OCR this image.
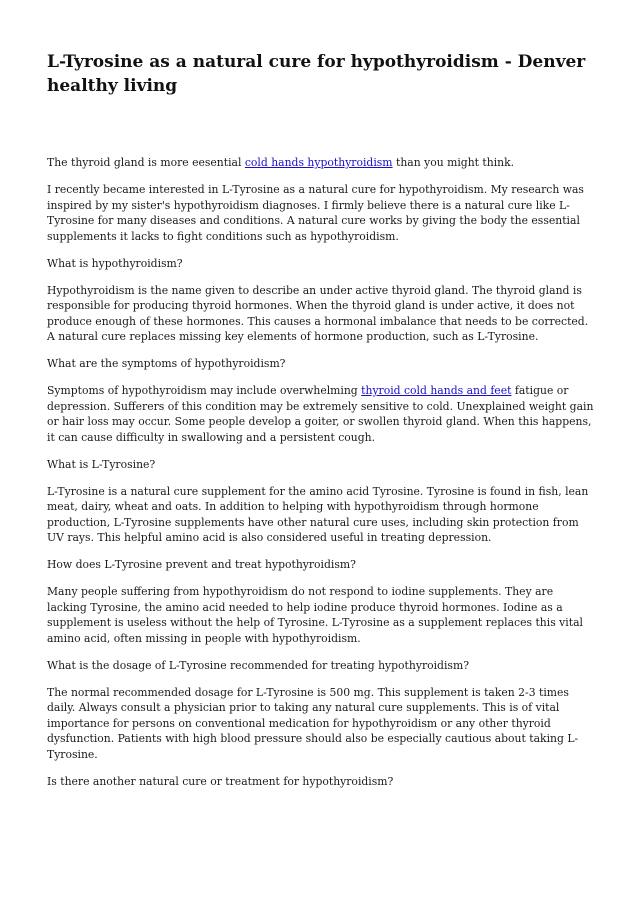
L-Tyrosine as a natural cure for hypothyroidism - Denver healthy living

The thyroid gland is more eesential cold hands hypothyroidism than you might think.

I recently became interested in L-Tyrosine as a natural cure for hypothyroidism. My research was inspired by my sister's hypothyroidism diagnoses. I firmly believe there is a natural cure like L-Tyrosine for many diseases and conditions. A natural cure works by giving the body the essential supplements it lacks to fight conditions such as hypothyroidism.

What is hypothyroidism?

Hypothyroidism is the name given to describe an under active thyroid gland. The thyroid gland is responsible for producing thyroid hormones. When the thyroid gland is under active, it does not produce enough of these hormones. This causes a hormonal imbalance that needs to be corrected. A natural cure replaces missing key elements of hormone production, such as L-Tyrosine.

What are the symptoms of hypothyroidism?

Symptoms of hypothyroidism may include overwhelming thyroid cold hands and feet fatigue or depression. Sufferers of this condition may be extremely sensitive to cold. Unexplained weight gain or hair loss may occur. Some people develop a goiter, or swollen thyroid gland. When this happens, it can cause difficulty in swallowing and a persistent cough.

What is L-Tyrosine?

L-Tyrosine is a natural cure supplement for the amino acid Tyrosine. Tyrosine is found in fish, lean meat, dairy, wheat and oats. In addition to helping with hypothyroidism through hormone production, L-Tyrosine supplements have other natural cure uses, including skin protection from UV rays. This helpful amino acid is also considered useful in treating depression.

How does L-Tyrosine prevent and treat hypothyroidism?

Many people suffering from hypothyroidism do not respond to iodine supplements. They are lacking Tyrosine, the amino acid needed to help iodine produce thyroid hormones. Iodine as a supplement is useless without the help of Tyrosine. L-Tyrosine as a supplement replaces this vital amino acid, often missing in people with hypothyroidism.

What is the dosage of L-Tyrosine recommended for treating hypothyroidism?

The normal recommended dosage for L-Tyrosine is 500 mg. This supplement is taken 2-3 times daily. Always consult a physician prior to taking any natural cure supplements. This is of vital importance for persons on conventional medication for hypothyroidism or any other thyroid dysfunction. Patients with high blood pressure should also be especially cautious about taking L-Tyrosine.

Is there another natural cure or treatment for hypothyroidism?
